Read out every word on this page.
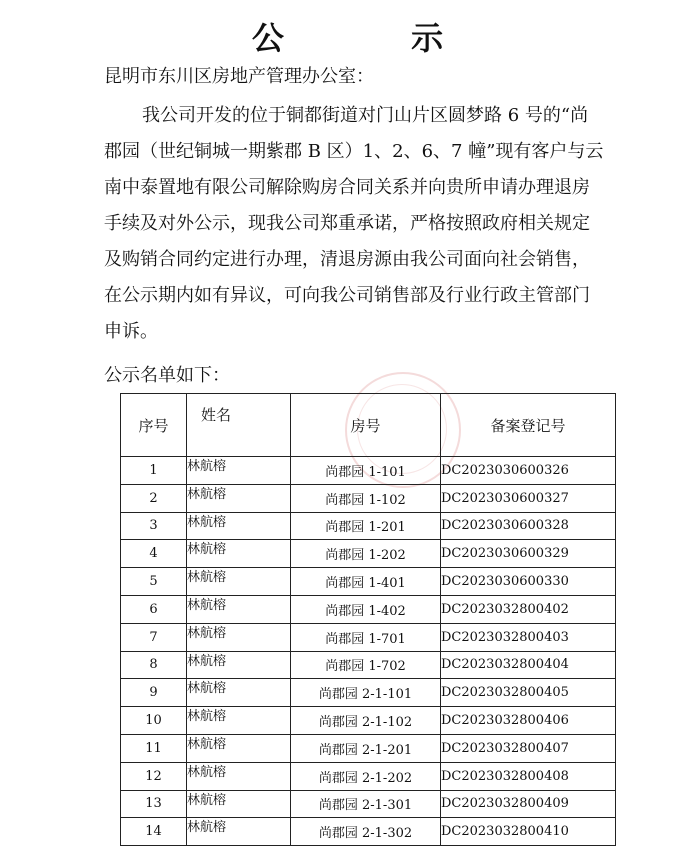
公 示
昆明市东川区房地产管理办公室：
我公司开发的位于铜都街道对门山片区圆梦路 6 号的“尚
郡园（世纪铜城一期紫郡 B 区）1、2、6、7 幢”现有客户与云
南中泰置地有限公司解除购房合同关系并向贵所申请办理退房
手续及对外公示，现我公司郑重承诺，严格按照政府相关规定
及购销合同约定进行办理，清退房源由我公司面向社会销售，
在公示期内如有异议，可向我公司销售部及行业行政主管部门
申诉。
公示名单如下：
序号	姓名	房号	备案登记号
1	林航榕	尚郡园 1-101	DC2023030600326
2	林航榕	尚郡园 1-102	DC2023030600327
3	林航榕	尚郡园 1-201	DC2023030600328
4	林航榕	尚郡园 1-202	DC2023030600329
5	林航榕	尚郡园 1-401	DC2023030600330
6	林航榕	尚郡园 1-402	DC2023032800402
7	林航榕	尚郡园 1-701	DC2023032800403
8	林航榕	尚郡园 1-702	DC2023032800404
9	林航榕	尚郡园 2-1-101	DC2023032800405
10	林航榕	尚郡园 2-1-102	DC2023032800406
11	林航榕	尚郡园 2-1-201	DC2023032800407
12	林航榕	尚郡园 2-1-202	DC2023032800408
13	林航榕	尚郡园 2-1-301	DC2023032800409
14	林航榕	尚郡园 2-1-302	DC2023032800410
